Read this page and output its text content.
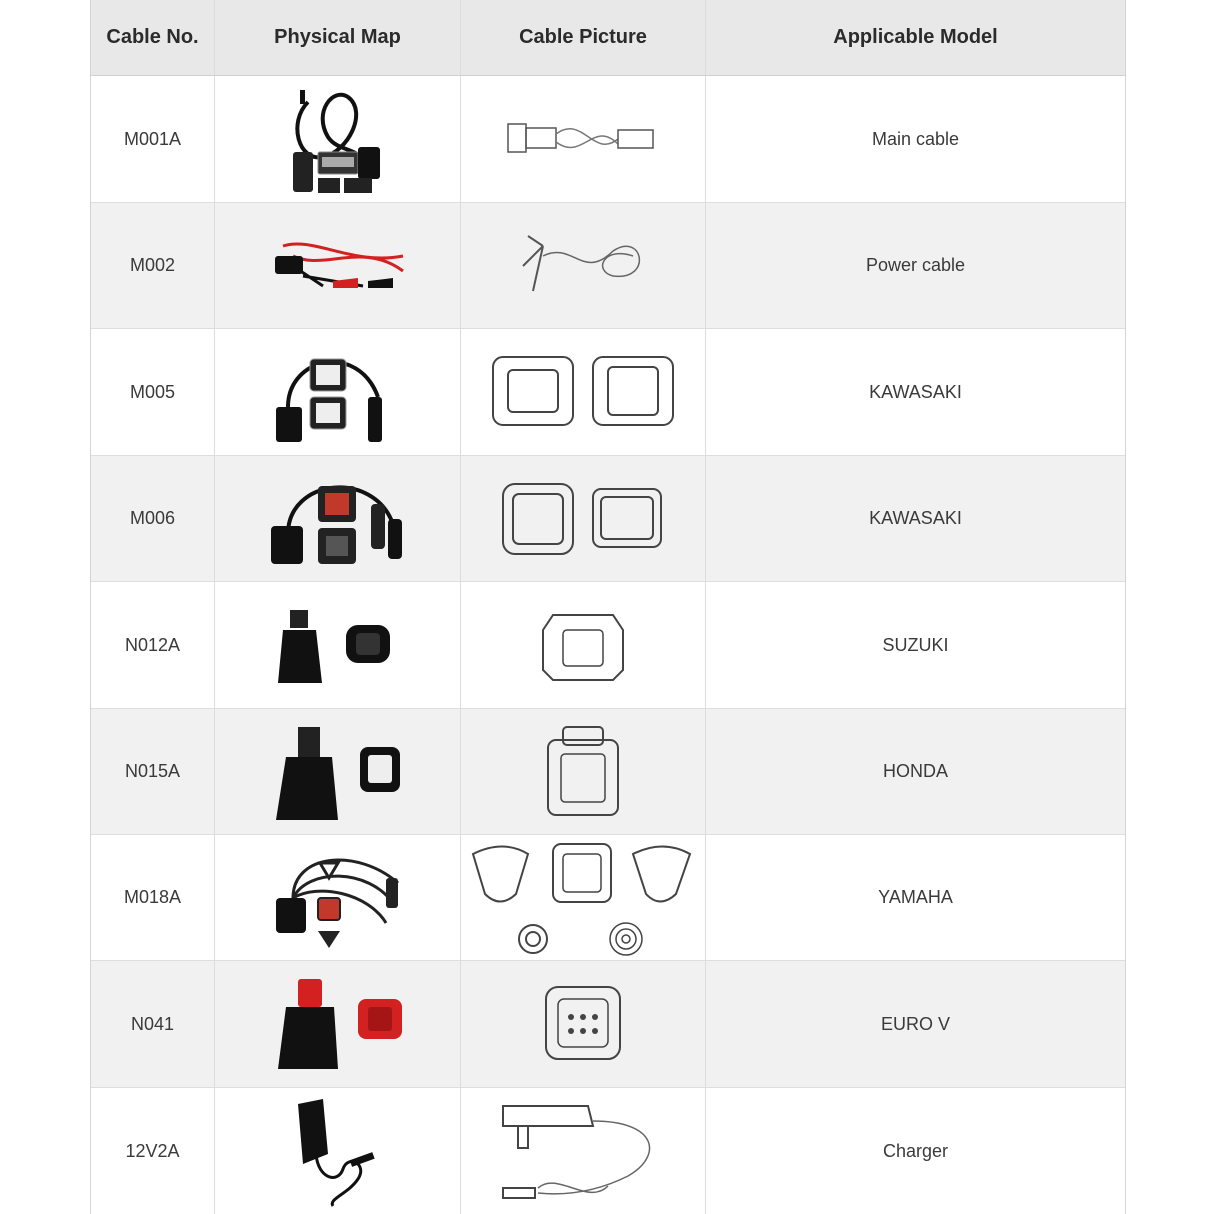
Cable No.	Physical Map	Cable Picture	Applicable Model
M001A	Main cable
M002	Power cable
M005	KAWASAKI
M006	KAWASAKI
N012A	SUZUKI
N015A	HONDA
M018A	YAMAHA
N041	EURO V
12V2A	Charger
